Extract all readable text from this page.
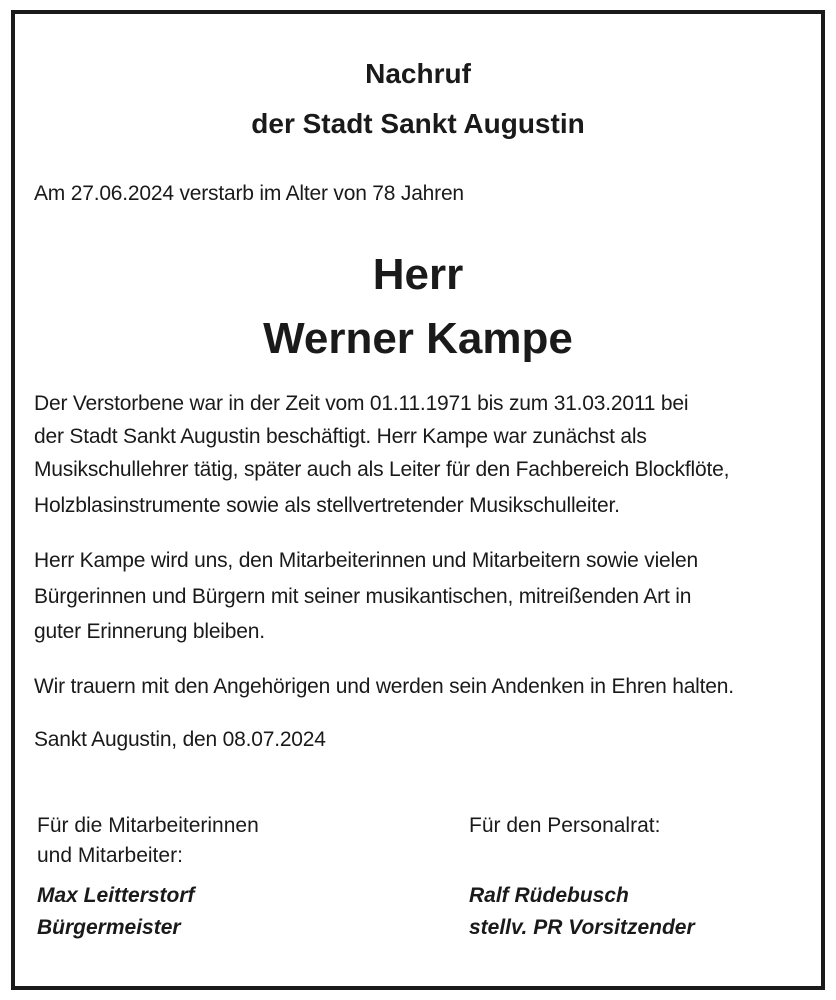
Nachruf
der Stadt Sankt Augustin
Am 27.06.2024 verstarb im Alter von 78 Jahren
Herr
Werner Kampe
Der Verstorbene war in der Zeit vom 01.11.1971 bis zum 31.03.2011 bei
der Stadt Sankt Augustin beschäftigt. Herr Kampe war zunächst als
Musikschullehrer tätig, später auch als Leiter für den Fachbereich Blockflöte,
Holzblasinstrumente sowie als stellvertretender Musikschulleiter.
Herr Kampe wird uns, den Mitarbeiterinnen und Mitarbeitern sowie vielen
Bürgerinnen und Bürgern mit seiner musikantischen, mitreißenden Art in
guter Erinnerung bleiben.
Wir trauern mit den Angehörigen und werden sein Andenken in Ehren halten.
Sankt Augustin, den 08.07.2024
Für die Mitarbeiterinnen
und Mitarbeiter:
Max Leitterstorf
Bürgermeister
Für den Personalrat:
Ralf Rüdebusch
stellv. PR Vorsitzender
